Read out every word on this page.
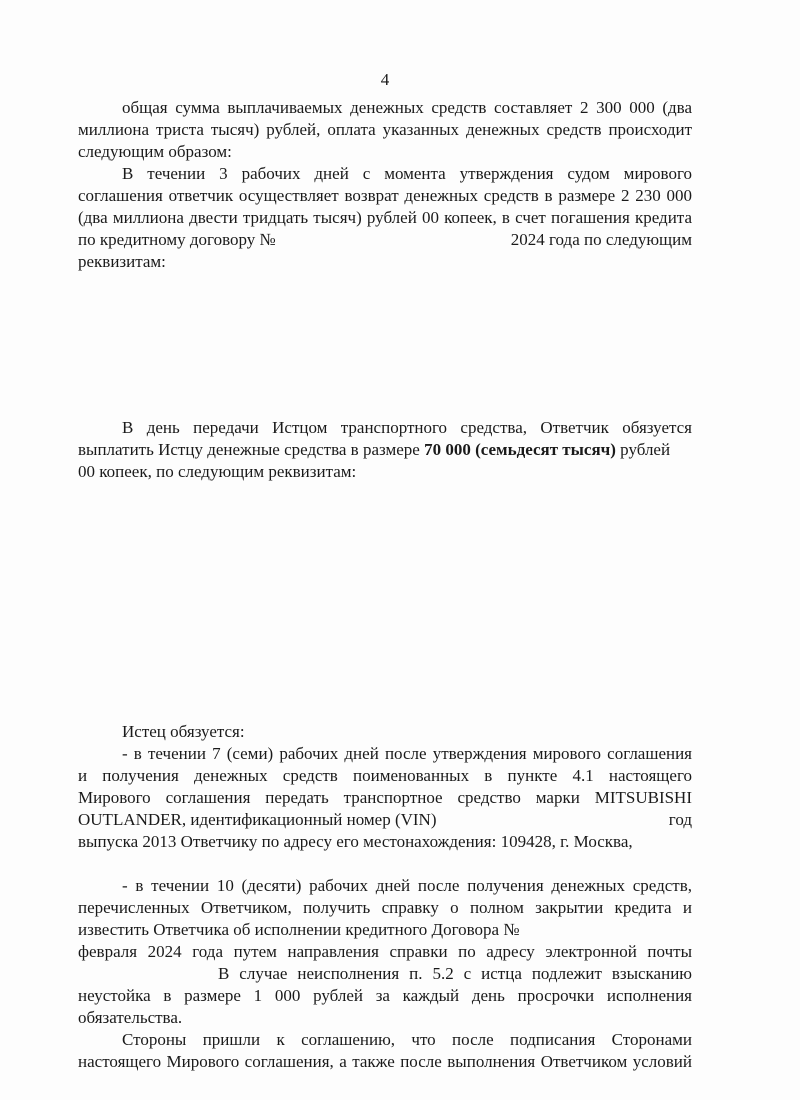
4
общая сумма выплачиваемых денежных средств составляет 2 300 000 (два
миллиона триста тысяч) рублей, оплата указанных денежных средств происходит
следующим образом:
В течении 3 рабочих дней с момента утверждения судом мирового
соглашения ответчик осуществляет возврат денежных средств в размере 2 230 000
(два миллиона двести тридцать тысяч) рублей 00 копеек, в счет погашения кредита
по кредитному договору №	2024 года по следующим
реквизитам:
В день передачи Истцом транспортного средства, Ответчик обязуется
выплатить Истцу денежные средства в размере 70 000 (семьдесят тысяч) рублей
00 копеек, по следующим реквизитам:
Истец обязуется:
- в течении 7 (семи) рабочих дней после утверждения мирового соглашения
и получения денежных средств поименованных в пункте 4.1 настоящего
Мирового соглашения передать транспортное средство марки MITSUBISHI
OUTLANDER, идентификационный номер (VIN)	год
выпуска 2013 Ответчику по адресу его местонахождения: 109428, г. Москва,
- в течении 10 (десяти) рабочих дней после получения денежных средств,
перечисленных Ответчиком, получить справку о полном закрытии кредита и
известить Ответчика об исполнении кредитного Договора №
февраля 2024 года путем направления справки по адресу электронной почты
В случае неисполнения п. 5.2 с истца подлежит взысканию
неустойка в размере 1 000 рублей за каждый день просрочки исполнения
обязательства.
Стороны пришли к соглашению, что после подписания Сторонами
настоящего Мирового соглашения, а также после выполнения Ответчиком условий
